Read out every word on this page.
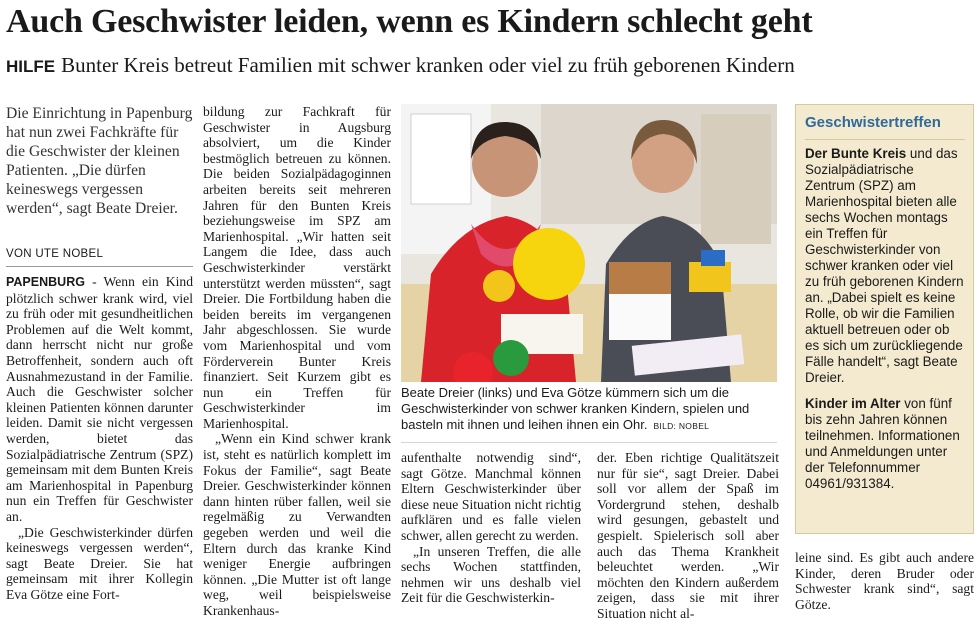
Auch Geschwister leiden, wenn es Kindern schlecht geht
HILFE Bunter Kreis betreut Familien mit schwer kranken oder viel zu früh geborenen Kindern
Die Einrichtung in Papenburg hat nun zwei Fachkräfte für die Geschwister der kleinen Patienten. „Die dürfen keineswegs vergessen werden“, sagt Beate Dreier.
VON UTE NOBEL

PAPENBURG - Wenn ein Kind plötzlich schwer krank wird, viel zu früh oder mit gesundheitlichen Problemen auf die Welt kommt, dann herrscht nicht nur große Betroffenheit, sondern auch oft Ausnahmezustand in der Familie. Auch die Geschwister solcher kleinen Patienten können darunter leiden. Damit sie nicht vergessen werden, bietet das Sozialpädiatrische Zentrum (SPZ) gemeinsam mit dem Bunten Kreis am Marienhospital in Papenburg nun ein Treffen für Geschwister an.

„Die Geschwisterkinder dürfen keineswegs vergessen werden“, sagt Beate Dreier. Sie hat gemeinsam mit ihrer Kollegin Eva Götze eine Fort-

bildung zur Fachkraft für Geschwister in Augsburg absolviert, um die Kinder bestmöglich betreuen zu können. Die beiden Sozialpädagoginnen arbeiten bereits seit mehreren Jahren für den Bunten Kreis beziehungsweise im SPZ am Marienhospital. „Wir hatten seit Langem die Idee, dass auch Geschwisterkinder verstärkt unterstützt werden müssten“, sagt Dreier. Die Fortbildung haben die beiden bereits im vergangenen Jahr abgeschlossen. Sie wurde vom Marienhospital und vom Förderverein Bunter Kreis finanziert. Seit Kurzem gibt es nun ein Treffen für Geschwisterkinder im Marienhospital.

„Wenn ein Kind schwer krank ist, steht es natürlich komplett im Fokus der Familie“, sagt Beate Dreier. Geschwisterkinder können dann hinten rüber fallen, weil sie regelmäßig zu Verwandten gegeben werden und weil die Eltern durch das kranke Kind weniger Energie aufbringen können. „Die Mutter ist oft lange weg, weil beispielsweise Krankenhaus-

Beate Dreier (links) und Eva Götze kümmern sich um die Geschwisterkinder von schwer kranken Kindern, spielen und basteln mit ihnen und leihen ihnen ein Ohr. BILD: NOBEL

aufenthalte notwendig sind“, sagt Götze. Manchmal können Eltern Geschwisterkinder über diese neue Situation nicht richtig aufklären und es falle vielen schwer, allen gerecht zu werden.

„In unseren Treffen, die alle sechs Wochen stattfinden, nehmen wir uns deshalb viel Zeit für die Geschwisterkin-

der. Eben richtige Qualitätszeit nur für sie“, sagt Dreier. Dabei soll vor allem der Spaß im Vordergrund stehen, deshalb wird gesungen, gebastelt und gespielt. Spielerisch soll aber auch das Thema Krankheit beleuchtet werden. „Wir möchten den Kindern außerdem zeigen, dass sie mit ihrer Situation nicht al-

Geschwistertreffen

Der Bunte Kreis und das Sozialpädiatrische Zentrum (SPZ) am Marienhospital bieten alle sechs Wochen montags ein Treffen für Geschwisterkinder von schwer kranken oder viel zu früh geborenen Kindern an. „Dabei spielt es keine Rolle, ob wir die Familien aktuell betreuen oder ob es sich um zurückliegende Fälle handelt“, sagt Beate Dreier.

Kinder im Alter von fünf bis zehn Jahren können teilnehmen. Informationen und Anmeldungen unter der Telefonnummer 04961/931384.

leine sind. Es gibt auch andere Kinder, deren Bruder oder Schwester krank sind“, sagt Götze.
